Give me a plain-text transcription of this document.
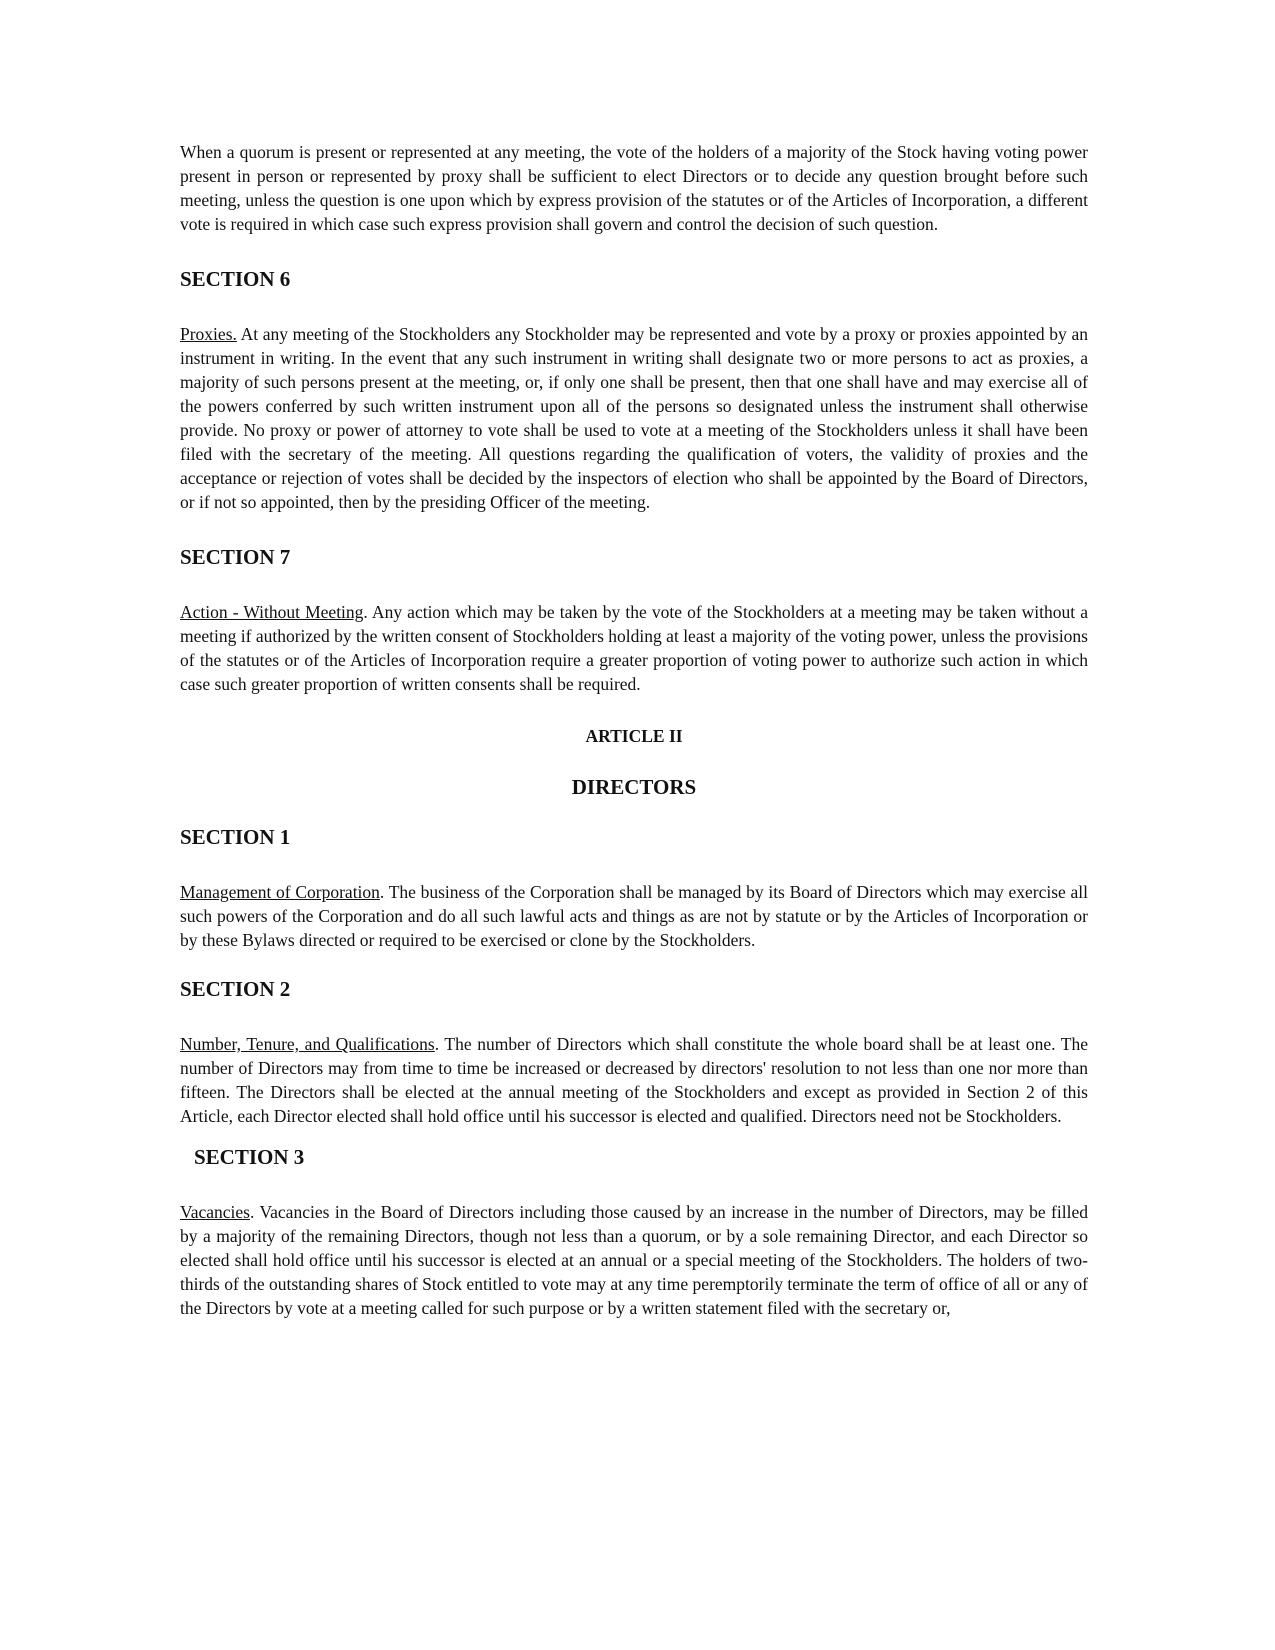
When a quorum is present or represented at any meeting, the vote of the holders of a majority of the Stock having voting power present in person or represented by proxy shall be sufficient to elect Directors or to decide any question brought before such meeting, unless the question is one upon which by express provision of the statutes or of the Articles of Incorporation, a different vote is required in which case such express provision shall govern and control the decision of such question.

SECTION 6

Proxies. At any meeting of the Stockholders any Stockholder may be represented and vote by a proxy or proxies appointed by an instrument in writing. In the event that any such instrument in writing shall designate two or more persons to act as proxies, a majority of such persons present at the meeting, or, if only one shall be present, then that one shall have and may exercise all of the powers conferred by such written instrument upon all of the persons so designated unless the instrument shall otherwise provide. No proxy or power of attorney to vote shall be used to vote at a meeting of the Stockholders unless it shall have been filed with the secretary of the meeting. All questions regarding the qualification of voters, the validity of proxies and the acceptance or rejection of votes shall be decided by the inspectors of election who shall be appointed by the Board of Directors, or if not so appointed, then by the presiding Officer of the meeting.

SECTION 7

Action - Without Meeting. Any action which may be taken by the vote of the Stockholders at a meeting may be taken without a meeting if authorized by the written consent of Stockholders holding at least a majority of the voting power, unless the provisions of the statutes or of the Articles of Incorporation require a greater proportion of voting power to authorize such action in which case such greater proportion of written consents shall be required.

ARTICLE II
DIRECTORS
SECTION 1

Management of Corporation. The business of the Corporation shall be managed by its Board of Directors which may exercise all such powers of the Corporation and do all such lawful acts and things as are not by statute or by the Articles of Incorporation or by these Bylaws directed or required to be exercised or clone by the Stockholders.

SECTION 2

Number, Tenure, and Qualifications. The number of Directors which shall constitute the whole board shall be at least one. The number of Directors may from time to time be increased or decreased by directors' resolution to not less than one nor more than fifteen. The Directors shall be elected at the annual meeting of the Stockholders and except as provided in Section 2 of this Article, each Director elected shall hold office until his successor is elected and qualified. Directors need not be Stockholders.

SECTION 3

Vacancies. Vacancies in the Board of Directors including those caused by an increase in the number of Directors, may be filled by a majority of the remaining Directors, though not less than a quorum, or by a sole remaining Director, and each Director so elected shall hold office until his successor is elected at an annual or a special meeting of the Stockholders. The holders of two-thirds of the outstanding shares of Stock entitled to vote may at any time peremptorily terminate the term of office of all or any of the Directors by vote at a meeting called for such purpose or by a written statement filed with the secretary or,
